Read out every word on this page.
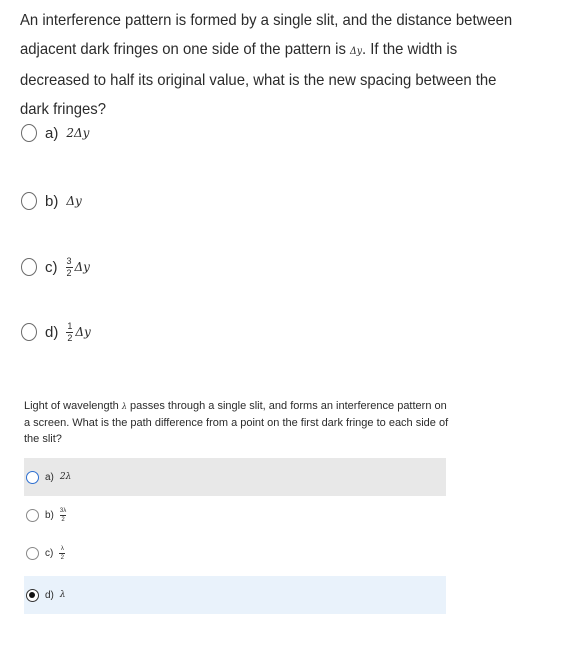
An interference pattern is formed by a single slit, and the distance between adjacent dark fringes on one side of the pattern is Δy. If the width is decreased to half its original value, what is the new spacing between the dark fringes?
a) 2Δy
b) Δy
$c) \frac{3}{2}$ Δy
$d) \frac{1}{2}$ Δy
Light of wavelength λ passes through a single slit, and forms an interference pattern on a screen. What is the path difference from a point on the first dark fringe to each side of the slit?
a) 2λ
$b) \frac{3\lambda}{2}$
$c) \frac{\lambda}{2}$
d) λ
